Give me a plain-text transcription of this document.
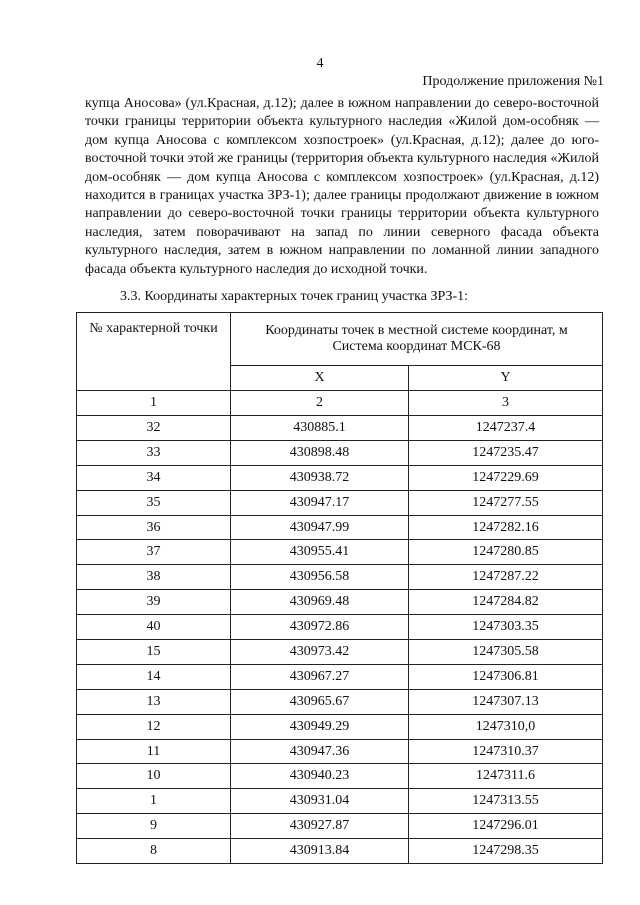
4
Продолжение приложения №1

купца Аносова» (ул.Красная, д.12); далее в южном направлении до северо-восточной точки границы территории объекта культурного наследия «Жилой дом-особняк — дом купца Аносова с комплексом хозпостроек» (ул.Красная, д.12); далее до юго-восточной точки этой же границы (территория объекта культурного наследия «Жилой дом-особняк — дом купца Аносова с комплексом хозпостроек» (ул.Красная, д.12) находится в границах участка ЗРЗ-1); далее границы продолжают движение в южном направлении до северо-восточной точки границы территории объекта культурного наследия, затем поворачивают на запад по линии северного фасада объекта культурного наследия, затем в южном направлении по ломанной линии западного фасада объекта культурного наследия до исходной точки.

3.3. Координаты характерных точек границ участка ЗРЗ-1:
№ характерной точки	Координаты точек в местной системе координат, м
Система координат МСК-68	

	X	Y
1	2	3
32	430885.1	1247237.4
33	430898.48	1247235.47
34	430938.72	1247229.69
35	430947.17	1247277.55
36	430947.99	1247282.16
37	430955.41	1247280.85
38	430956.58	1247287.22
39	430969.48	1247284.82
40	430972.86	1247303.35
15	430973.42	1247305.58
14	430967.27	1247306.81
13	430965.67	1247307.13
12	430949.29	1247310,0
11	430947.36	1247310.37
10	430940.23	1247311.6
1	430931.04	1247313.55
9	430927.87	1247296.01
8	430913.84	1247298.35
